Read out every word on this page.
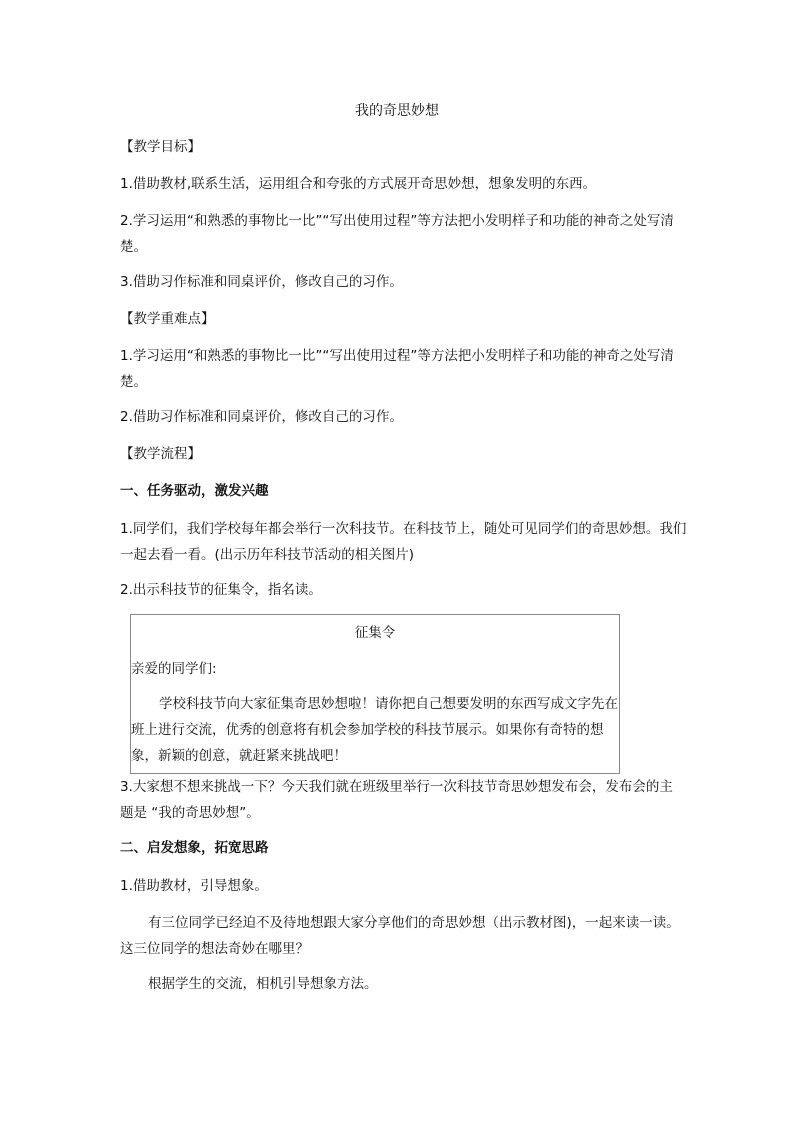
我的奇思妙想

【教学目标】

1.借助教材,联系生活，运用组合和夸张的方式展开奇思妙想，想象发明的东西。

2.学习运用“和熟悉的事物比一比”“写出使用过程”等方法把小发明样子和功能的神奇之处写清楚。

3.借助习作标准和同桌评价，修改自己的习作。

【教学重难点】

1.学习运用“和熟悉的事物比一比”“写出使用过程”等方法把小发明样子和功能的神奇之处写清楚。

2.借助习作标准和同桌评价，修改自己的习作。

【教学流程】

一、任务驱动，激发兴趣

1.同学们，我们学校每年都会举行一次科技节。在科技节上，随处可见同学们的奇思妙想。我们一起去看一看。(出示历年科技节活动的相关图片)

2.出示科技节的征集令，指名读。

征集令
亲爱的同学们:
学校科技节向大家征集奇思妙想啦！请你把自己想要发明的东西写成文字先在班上进行交流，优秀的创意将有机会参加学校的科技节展示。如果你有奇特的想象，新颖的创意，就赶紧来挑战吧！

3.大家想不想来挑战一下？今天我们就在班级里举行一次科技节奇思妙想发布会，发布会的主题是 “我的奇思妙想”。

二、启发想象，拓宽思路

1.借助教材，引导想象。

有三位同学已经迫不及待地想跟大家分享他们的奇思妙想（出示教材图)，一起来读一读。这三位同学的想法奇妙在哪里？

根据学生的交流，相机引导想象方法。
